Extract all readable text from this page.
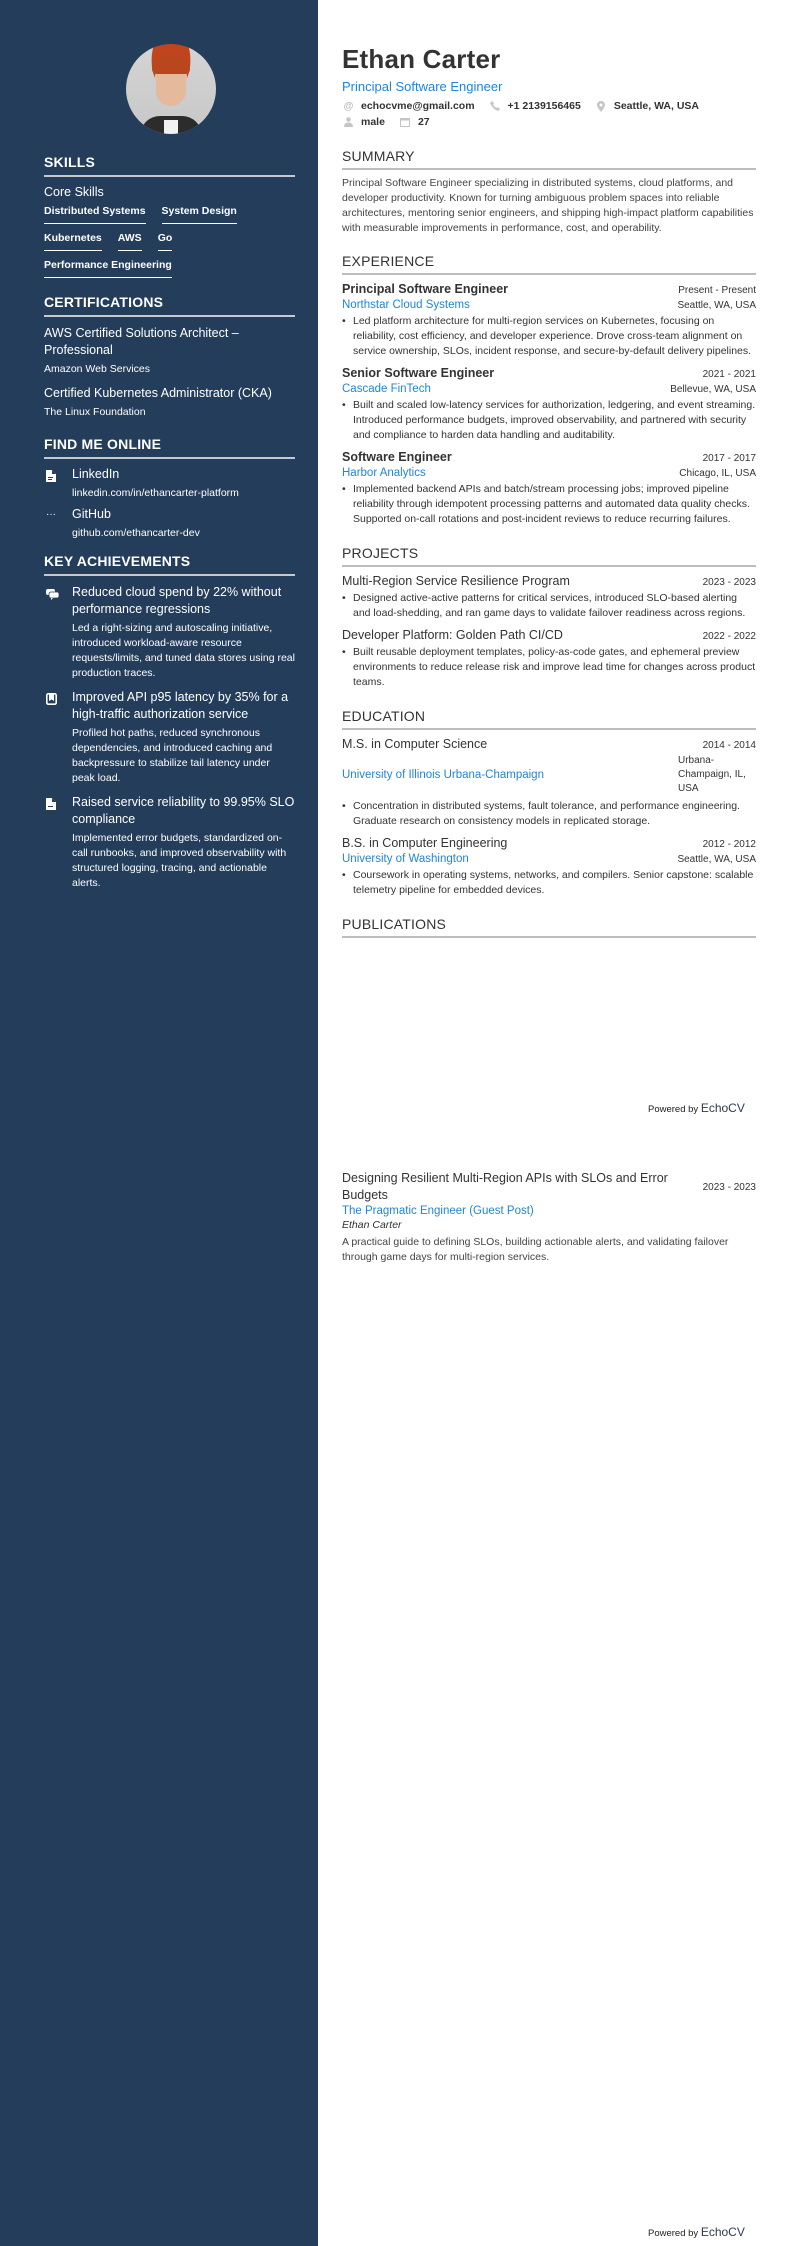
SKILLS
Core Skills
Distributed Systems System Design
Kubernetes AWS Go
Performance Engineering
CERTIFICATIONS
AWS Certified Solutions Architect – Professional
Amazon Web Services
Certified Kubernetes Administrator (CKA)
The Linux Foundation
FIND ME ONLINE
LinkedIn
linkedin.com/in/ethancarter-platform
···	GitHub
github.com/ethancarter-dev
KEY ACHIEVEMENTS
Reduced cloud spend by 22% without performance regressions
Led a right-sizing and autoscaling initiative, introduced workload-aware resource requests/limits, and tuned data stores using real production traces.
Improved API p95 latency by 35% for a high-traffic authorization service
Profiled hot paths, reduced synchronous dependencies, and introduced caching and backpressure to stabilize tail latency under peak load.
Raised service reliability to 99.95% SLO compliance
Implemented error budgets, standardized on-call runbooks, and improved observability with structured logging, tracing, and actionable alerts.
Ethan Carter
Principal Software Engineer
@ echocvme@gmail.com	+1 2139156465	Seattle, WA, USA
male	27
SUMMARY

Principal Software Engineer specializing in distributed systems, cloud platforms, and developer productivity. Known for turning ambiguous problem spaces into reliable architectures, mentoring senior engineers, and shipping high-impact platform capabilities with measurable improvements in performance, cost, and operability.

EXPERIENCE
Principal Software Engineer	Present - Present
Northstar Cloud Systems	Seattle, WA, USA
• Led platform architecture for multi-region services on Kubernetes, focusing on reliability, cost efficiency, and developer experience. Drove cross-team alignment on service ownership, SLOs, incident response, and secure-by-default delivery pipelines.
Senior Software Engineer	2021 - 2021
Cascade FinTech	Bellevue, WA, USA
• Built and scaled low-latency services for authorization, ledgering, and event streaming. Introduced performance budgets, improved observability, and partnered with security and compliance to harden data handling and auditability.
Software Engineer	2017 - 2017
Harbor Analytics	Chicago, IL, USA
• Implemented backend APIs and batch/stream processing jobs; improved pipeline reliability through idempotent processing patterns and automated data quality checks. Supported on-call rotations and post-incident reviews to reduce recurring failures.
PROJECTS
Multi-Region Service Resilience Program	2023 - 2023
• Designed active-active patterns for critical services, introduced SLO-based alerting and load-shedding, and ran game days to validate failover readiness across regions.
Developer Platform: Golden Path CI/CD	2022 - 2022
• Built reusable deployment templates, policy-as-code gates, and ephemeral preview environments to reduce release risk and improve lead time for changes across product teams.
EDUCATION
M.S. in Computer Science	2014 - 2014
University of Illinois Urbana-Champaign
Urbana-Champaign, IL, USA
• Concentration in distributed systems, fault tolerance, and performance engineering. Graduate research on consistency models in replicated storage.
B.S. in Computer Engineering	2012 - 2012
University of Washington	Seattle, WA, USA
• Coursework in operating systems, networks, and compilers. Senior capstone: scalable telemetry pipeline for embedded devices.
PUBLICATIONS
Powered by EchoCV
Designing Resilient Multi-Region APIs with SLOs and Error Budgets
2023 - 2023
The Pragmatic Engineer (Guest Post)
Ethan Carter

A practical guide to defining SLOs, building actionable alerts, and validating failover through game days for multi-region services.

Powered by EchoCV
